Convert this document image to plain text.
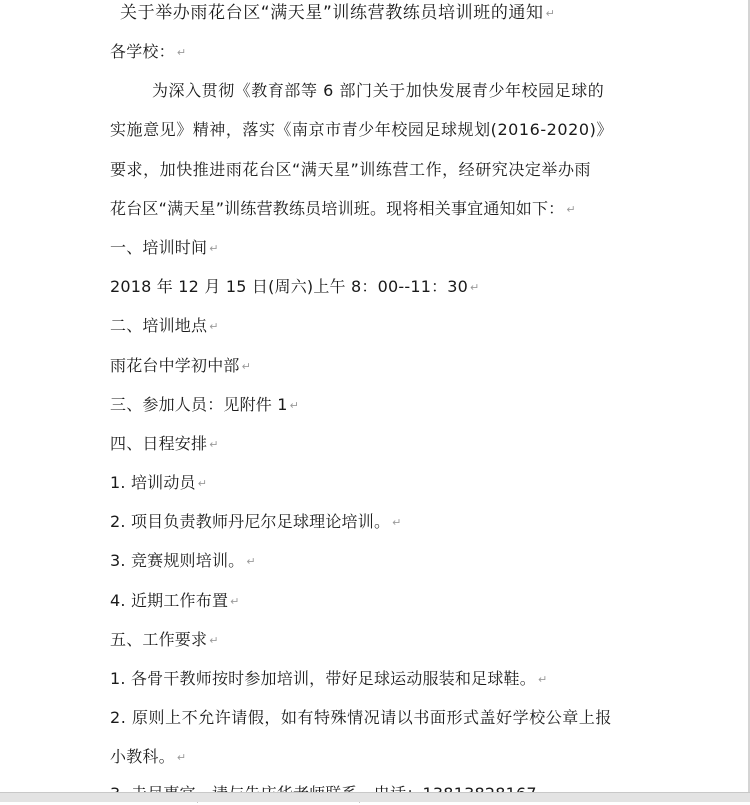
关于举办雨花台区“满天星”训练营教练员培训班的通知 ↵
各学校： ↵
为深入贯彻《教育部等 6 部门关于加快发展青少年校园足球的
实施意见》精神，落实《南京市青少年校园足球规划(2016-2020)》
要求，加快推进雨花台区“满天星”训练营工作，经研究决定举办雨
花台区“满天星”训练营教练员培训班。现将相关事宜通知如下： ↵
一、培训时间 ↵
2018 年 12 月 15 日(周六)上午 8：00--11：30 ↵
二、培训地点 ↵
雨花台中学初中部 ↵
三、参加人员：见附件 1 ↵
四、日程安排 ↵
1. 培训动员 ↵
2. 项目负责教师丹尼尔足球理论培训。 ↵
3. 竞赛规则培训。 ↵
4. 近期工作布置 ↵
五、工作要求 ↵
1. 各骨干教师按时参加培训，带好足球运动服装和足球鞋。 ↵
2. 原则上不允许请假，如有特殊情况请以书面形式盖好学校公章上报
小教科。 ↵
